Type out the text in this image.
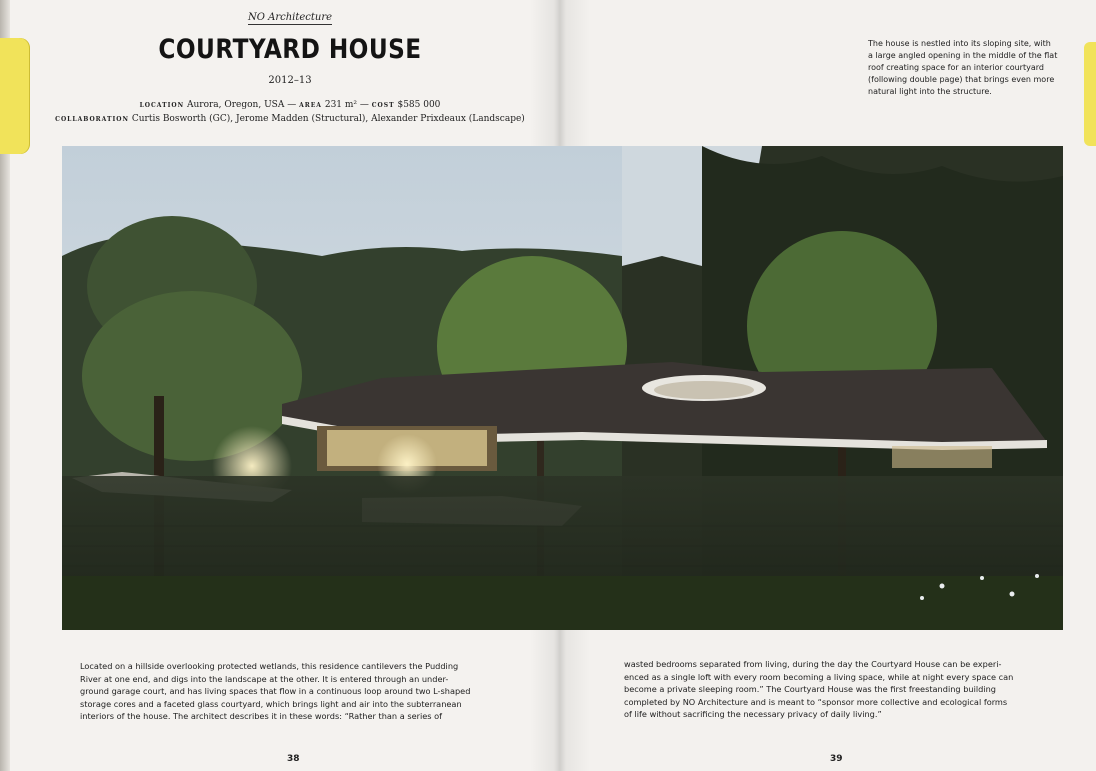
NO Architecture
COURTYARD HOUSE
2012–13
location Aurora, Oregon, USA — area 231 m² — cost $585 000
collaboration Curtis Bosworth (GC), Jerome Madden (Structural), Alexander Prixdeaux (Landscape)
The house is nestled into its sloping site, with
a large angled opening in the middle of the flat
roof creating space for an interior courtyard
(following double page) that brings even more
natural light into the structure.
Located on a hillside overlooking protected wetlands, this residence cantilevers the Pudding
River at one end, and digs into the landscape at the other. It is entered through an under-
ground garage court, and has living spaces that flow in a continuous loop around two L-shaped
storage cores and a faceted glass courtyard, which brings light and air into the subterranean
interiors of the house. The architect describes it in these words: “Rather than a series of
wasted bedrooms separated from living, during the day the Courtyard House can be experi-
enced as a single loft with every room becoming a living space, while at night every space can
become a private sleeping room.” The Courtyard House was the first freestanding building
completed by NO Architecture and is meant to “sponsor more collective and ecological forms
of life without sacrificing the necessary privacy of daily living.”
38	39
